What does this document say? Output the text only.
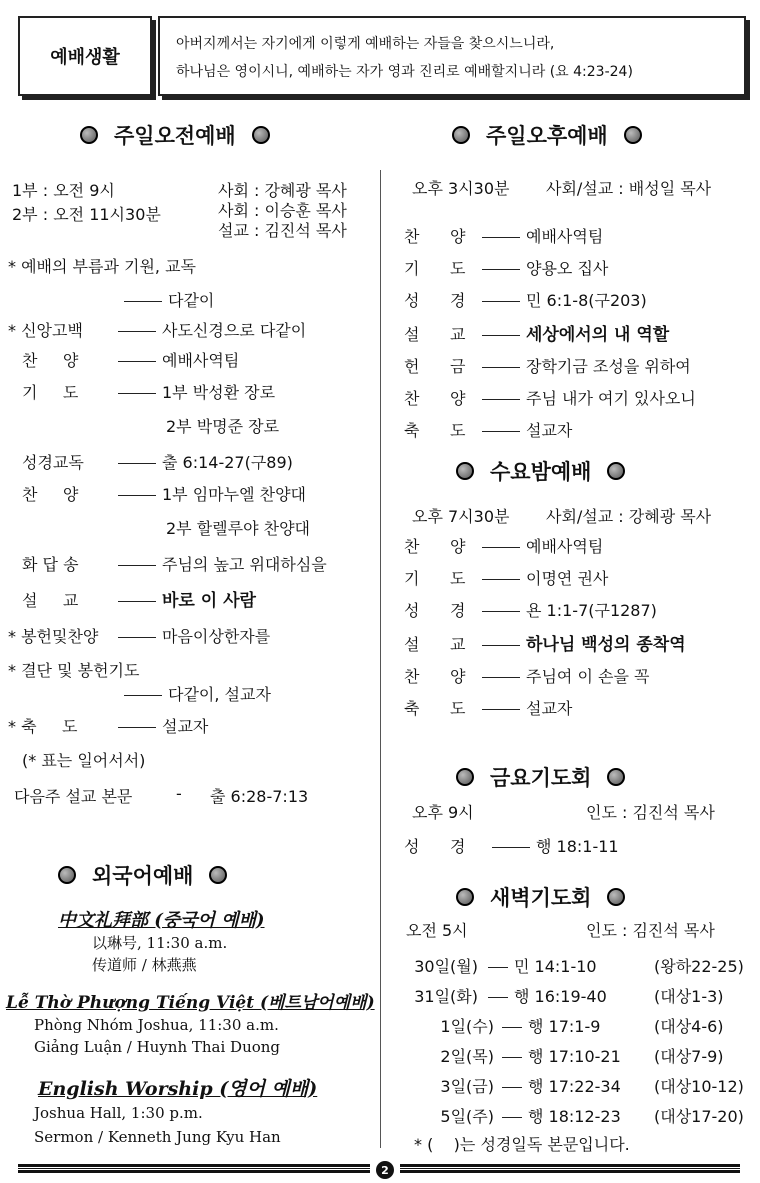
예배생활
아버지께서는 자기에게 이렇게 예배하는 자들을 찾으시느니라,
하나님은 영이시니, 예배하는 자가 영과 진리로 예배할지니라 (요 4:23-24)
주일오전예배
1부 : 오전 9시
2부 : 오전 11시30분
사회 : 강혜광 목사
사회 : 이승훈 목사
설교 : 김진석 목사
* 예배의 부름과 기원, 교독
다같이
* 신앙고백	사도신경으로 다같이
찬     양	예배사역팀
기     도	1부 박성환 장로
2부 박명준 장로
성경교독	출 6:14-27(구89)
찬     양	1부 임마누엘 찬양대
2부 할렐루야 찬양대
화 답 송	주님의 높고 위대하심을
설     교	바로 이 사람
* 봉헌및찬양	마음이상한자를
* 결단 및 봉헌기도
다같이, 설교자
* 축     도	설교자
(* 표는 일어서서)
다음주 설교 본문	- 출 6:28-7:13
외국어예배
中文礼拜部 (중국어 예배)
以琳号, 11:30 a.m.
传道师 / 林燕燕
Lễ Thờ Phượng Tiếng Việt (베트남어예배)
Phòng Nhóm Joshua, 11:30 a.m.
Giảng Luận / Huynh Thai Duong
English Worship (영어 예배)
Joshua Hall, 1:30 p.m.
Sermon / Kenneth Jung Kyu Han
주일오후예배
오후 3시30분 사회/설교 : 배성일 목사
찬      양	예배사역팀
기      도	양용오 집사
성      경	민 6:1-8(구203)
설      교	세상에서의 내 역할
헌      금	장학기금 조성을 위하여
찬      양	주님 내가 여기 있사오니
축      도	설교자
수요밤예배
오후 7시30분 사회/설교 : 강혜광 목사
찬      양	예배사역팀
기      도	이명연 권사
성      경	욘 1:1-7(구1287)
설      교	하나님 백성의 종착역
찬      양	주님여 이 손을 꼭
축      도	설교자
금요기도회
오후 9시	인도 : 김진석 목사
성      경	행 18:1-11
새벽기도회
오전 5시	인도 : 김진석 목사
30일(월)	민 14:1-10	(왕하22-25)
31일(화)	행 16:19-40	(대상1-3)
1일(수)	행 17:1-9	(대상4-6)
2일(목)	행 17:10-21 (대상7-9)
3일(금)	행 17:22-34 (대상10-12)
5일(주)	행 18:12-23 (대상17-20)
* (    )는 성경일독 본문입니다.
2
